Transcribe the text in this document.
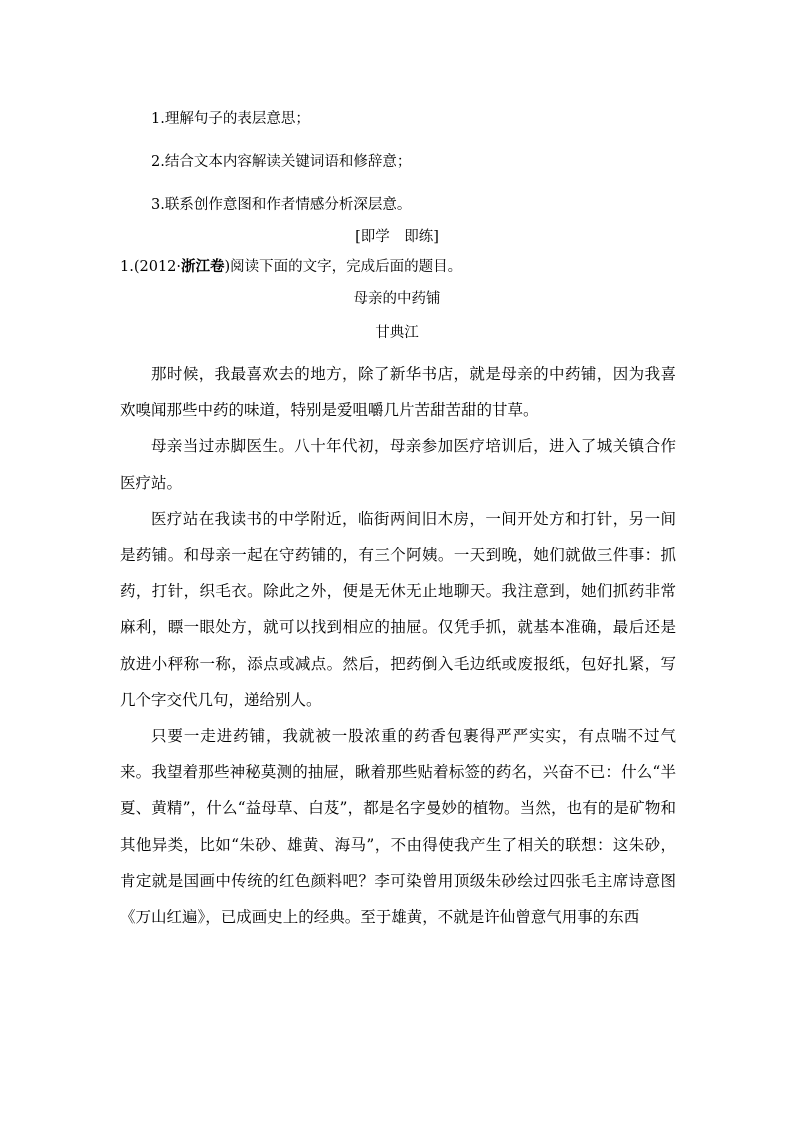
1.理解句子的表层意思；
2.结合文本内容解读关键词语和修辞意；
3.联系创作意图和作者情感分析深层意。
[即学　即练]
1.(2012·浙江卷)阅读下面的文字，完成后面的题目。
母亲的中药铺
甘典江

那时候，我最喜欢去的地方，除了新华书店，就是母亲的中药铺，因为我喜欢嗅闻那些中药的味道，特别是爱咀嚼几片苦甜苦甜的甘草。

母亲当过赤脚医生。八十年代初，母亲参加医疗培训后，进入了城关镇合作医疗站。

医疗站在我读书的中学附近，临街两间旧木房，一间开处方和打针，另一间是药铺。和母亲一起在守药铺的，有三个阿姨。一天到晚，她们就做三件事：抓药，打针，织毛衣。除此之外，便是无休无止地聊天。我注意到，她们抓药非常麻利，瞟一眼处方，就可以找到相应的抽屉。仅凭手抓，就基本准确，最后还是放进小秤称一称，添点或减点。然后，把药倒入毛边纸或废报纸，包好扎紧，写几个字交代几句，递给别人。

只要一走进药铺，我就被一股浓重的药香包裹得严严实实，有点喘不过气来。我望着那些神秘莫测的抽屉，瞅着那些贴着标签的药名，兴奋不已：什么“半夏、黄精”，什么“益母草、白芨”，都是名字曼妙的植物。当然，也有的是矿物和其他异类，比如“朱砂、雄黄、海马”，不由得使我产生了相关的联想：这朱砂，肯定就是国画中传统的红色颜料吧？李可染曾用顶级朱砂绘过四张毛主席诗意图《万山红遍》，已成画史上的经典。至于雄黄，不就是许仙曾意气用事的东西
